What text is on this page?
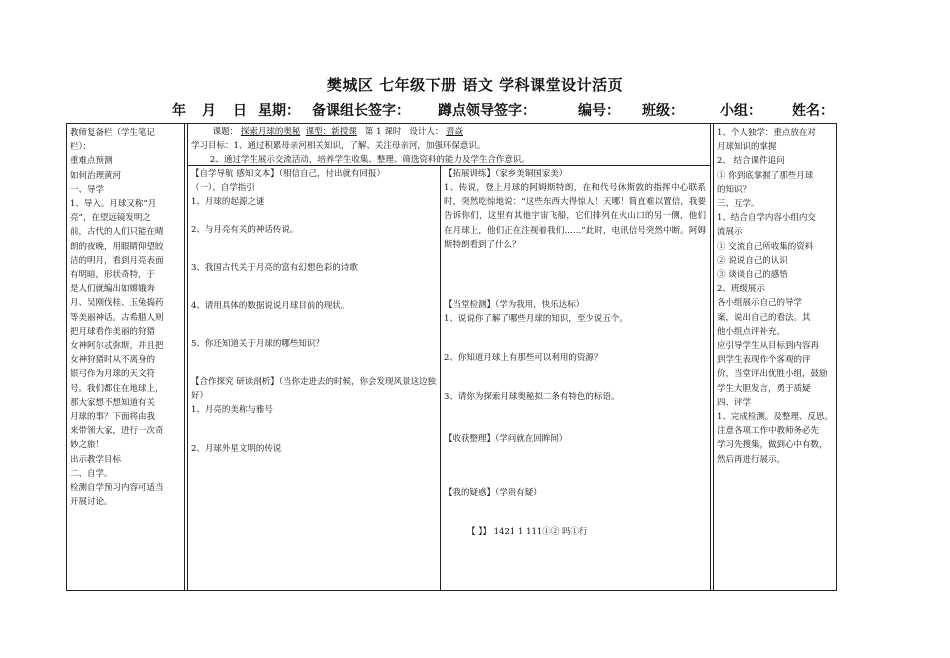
樊城区 七年级下册 语文 学科课堂设计活页
年 月 日 星期： 备课组长签字： 蹲点领导签字：	编号： 班级：	小组： 姓名：

教师复备栏（学生笔记

栏）：

重难点预测

如何治理黄河

一、导学

1、导入。月球又称“月

亮”，在望远镜发明之

前，古代的人们只能在晴

朗的夜晚，用眼睛仰望皎

洁的明月，看到月亮表面

有明暗，形状奇特，于

是人们就编出如嫦娥奔

月、吴刚伐桂、玉兔捣药

等美丽神话。古希腊人则

把月球看作美丽的狩猎

女神阿尔忒弥斯，并且把

女神狩猎时从不离身的

银弓作为月球的天文符

号。我们都住在地球上，

那大家想不想知道有关

月球的事？下面将由我

来带领大家，进行一次奇

妙之旅！

出示教学目标

二、自学。

检测自学预习内容可适当

开展讨论。

课题： 探索月球的奥秘 课型：新授课 第 1 课时 设计人： 晋焱

学习目标：1、通过积累母亲河相关知识，了解、关注母亲河，加强环保意识。

2、通过学生展示交流活动，培养学生收集、整理、筛选资料的能力及学生合作意识。

【自学导航 感知文本】（相信自己，付出就有回报）
（一）、自学指引
1、月球的起源之谜
2、与月亮有关的神话传说。
3、我国古代关于月亮的富有幻想色彩的诗歌
4、请用具体的数据说说月球目前的现状。
5、你还知道关于月球的哪些知识？
【合作探究 研读剖析】（当你走进去的时候，你会发现风景这边独好）
1、月亮的美称与雅号
2、月球外星文明的传说
【拓展训练】（家乡美铜国家美）
1、传说，登上月球的阿姆斯特朗，在和代号休斯敦的指挥中心联系时，突然吃惊地说：“这些东西大得惊人！天哪！简直难以置信，我要告诉你们，这里有其他宇宙飞船，它们排列在火山口的另一侧，他们在月球上，他们正在注视着我们……”此时，电讯信号突然中断。阿姆斯特朗看到了什么？
【当堂检测】（学为我用，快乐达标）
1、说说你了解了哪些月球的知识，至少说五个。
2、你知道月球上有那些可以利用的资源？
3、请你为探索月球奥秘拟二条有特色的标语。
【收获整理】（学问就在回眸间）
【我的疑惑】（学贵有疑）
【 】】 1421 1 111①② 吗①行

1、个人独学：重点放在对

月球知识的掌握

2、 结合课件追问

① 你到底掌握了那些月球

的知识？

三、互学。

1、结合自学内容小组内交

流展示

① 交流自己所收集的资料

② 说说自己的认识

③ 谈谈自己的感悟

2、班级展示

各小组展示自己的导学

案，说出自己的看法。其

他小组点评补充。

应引导学生从目标到内容再

到学生表现作个客观的评

价，当堂评出优胜小组，鼓励

学生大胆发言，勇于质疑

四、评学

1、完成检测。及整理、反思。

注意各项工作中教师务必先

学习先搜集，做到心中有数，

然后再进行展示。
